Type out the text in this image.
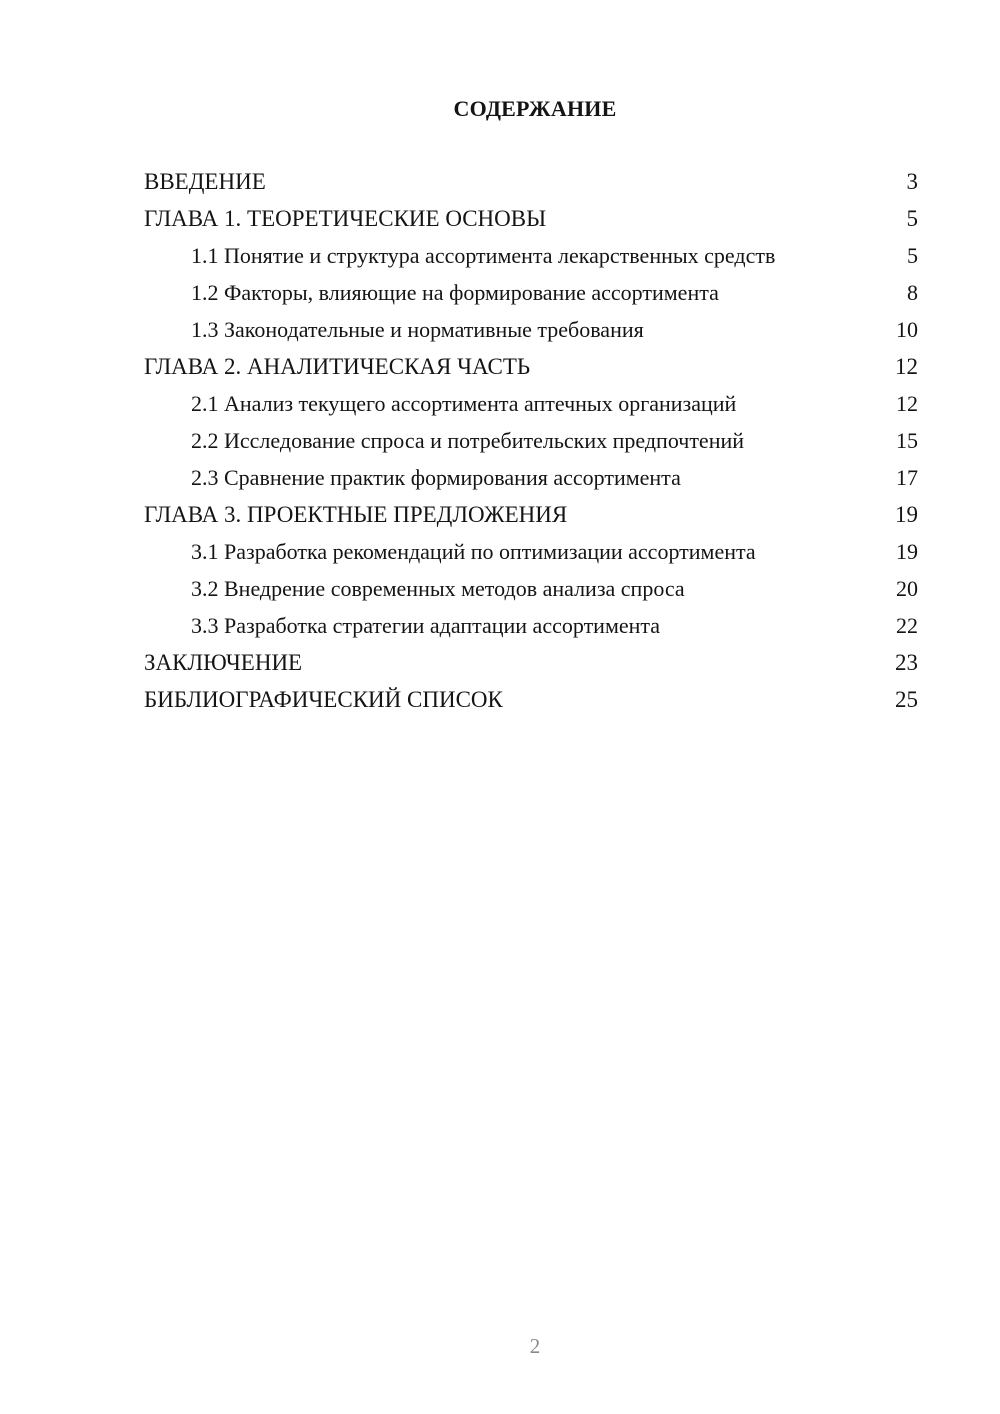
СОДЕРЖАНИЕ
ВВЕДЕНИЕ	3
ГЛАВА 1. ТЕОРЕТИЧЕСКИЕ ОСНОВЫ	5
1.1 Понятие и структура ассортимента лекарственных средств	5
1.2 Факторы, влияющие на формирование ассортимента	8
1.3 Законодательные и нормативные требования	10
ГЛАВА 2. АНАЛИТИЧЕСКАЯ ЧАСТЬ	12
2.1 Анализ текущего ассортимента аптечных организаций	12
2.2 Исследование спроса и потребительских предпочтений	15
2.3 Сравнение практик формирования ассортимента	17
ГЛАВА 3. ПРОЕКТНЫЕ ПРЕДЛОЖЕНИЯ	19
3.1 Разработка рекомендаций по оптимизации ассортимента	19
3.2 Внедрение современных методов анализа спроса	20
3.3 Разработка стратегии адаптации ассортимента	22
ЗАКЛЮЧЕНИЕ	23
БИБЛИОГРАФИЧЕСКИЙ СПИСОК	25
2
